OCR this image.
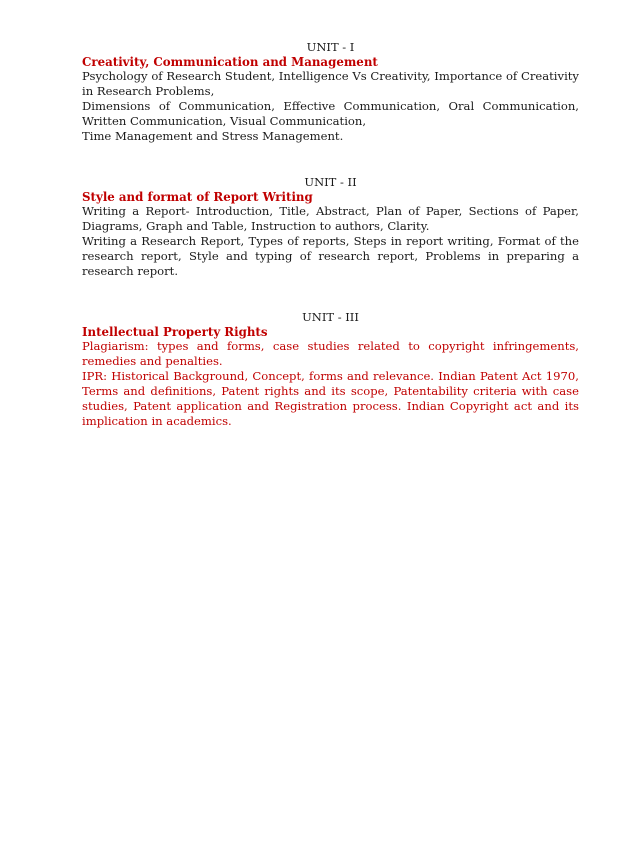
UNIT - I

Creativity, Communication and Management

Psychology of Research Student, Intelligence Vs Creativity, Importance of Creativity in Research Problems,

Dimensions of Communication, Effective Communication, Oral Communication, Written Communication, Visual Communication,

Time Management and Stress Management.

UNIT - II

Style and format of Report Writing

Writing a Report- Introduction, Title, Abstract, Plan of Paper, Sections of Paper, Diagrams, Graph and Table, Instruction to authors, Clarity.

Writing a Research Report, Types of reports, Steps in report writing, Format of the research report, Style and typing of research report, Problems in preparing a research report.

UNIT - III

Intellectual Property Rights

Plagiarism: types and forms, case studies related to copyright infringements, remedies and penalties.

IPR: Historical Background, Concept, forms and relevance. Indian Patent Act 1970, Terms and definitions, Patent rights and its scope, Patentability criteria with case studies, Patent application and Registration process. Indian Copyright act and its implication in academics.
